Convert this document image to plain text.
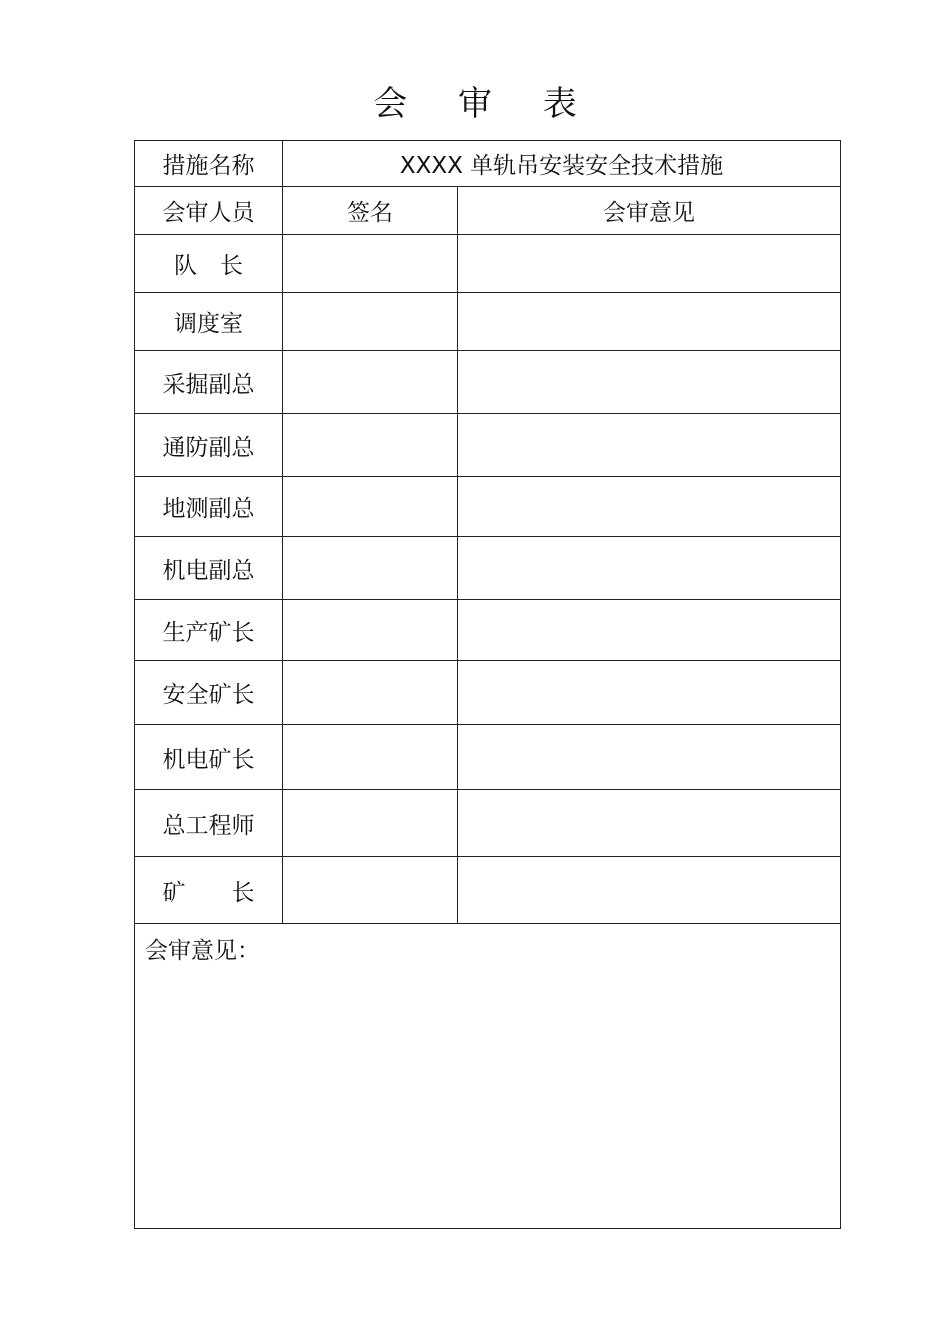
会 审 表
措施名称	XXXX 单轨吊安装安全技术措施	
会审人员	签名	会审意见
队　长		
调度室		
采掘副总		
通防副总		
地测副总		
机电副总		
生产矿长		
安全矿长		
机电矿长		
总工程师		
矿　　长		

会审意见：		
